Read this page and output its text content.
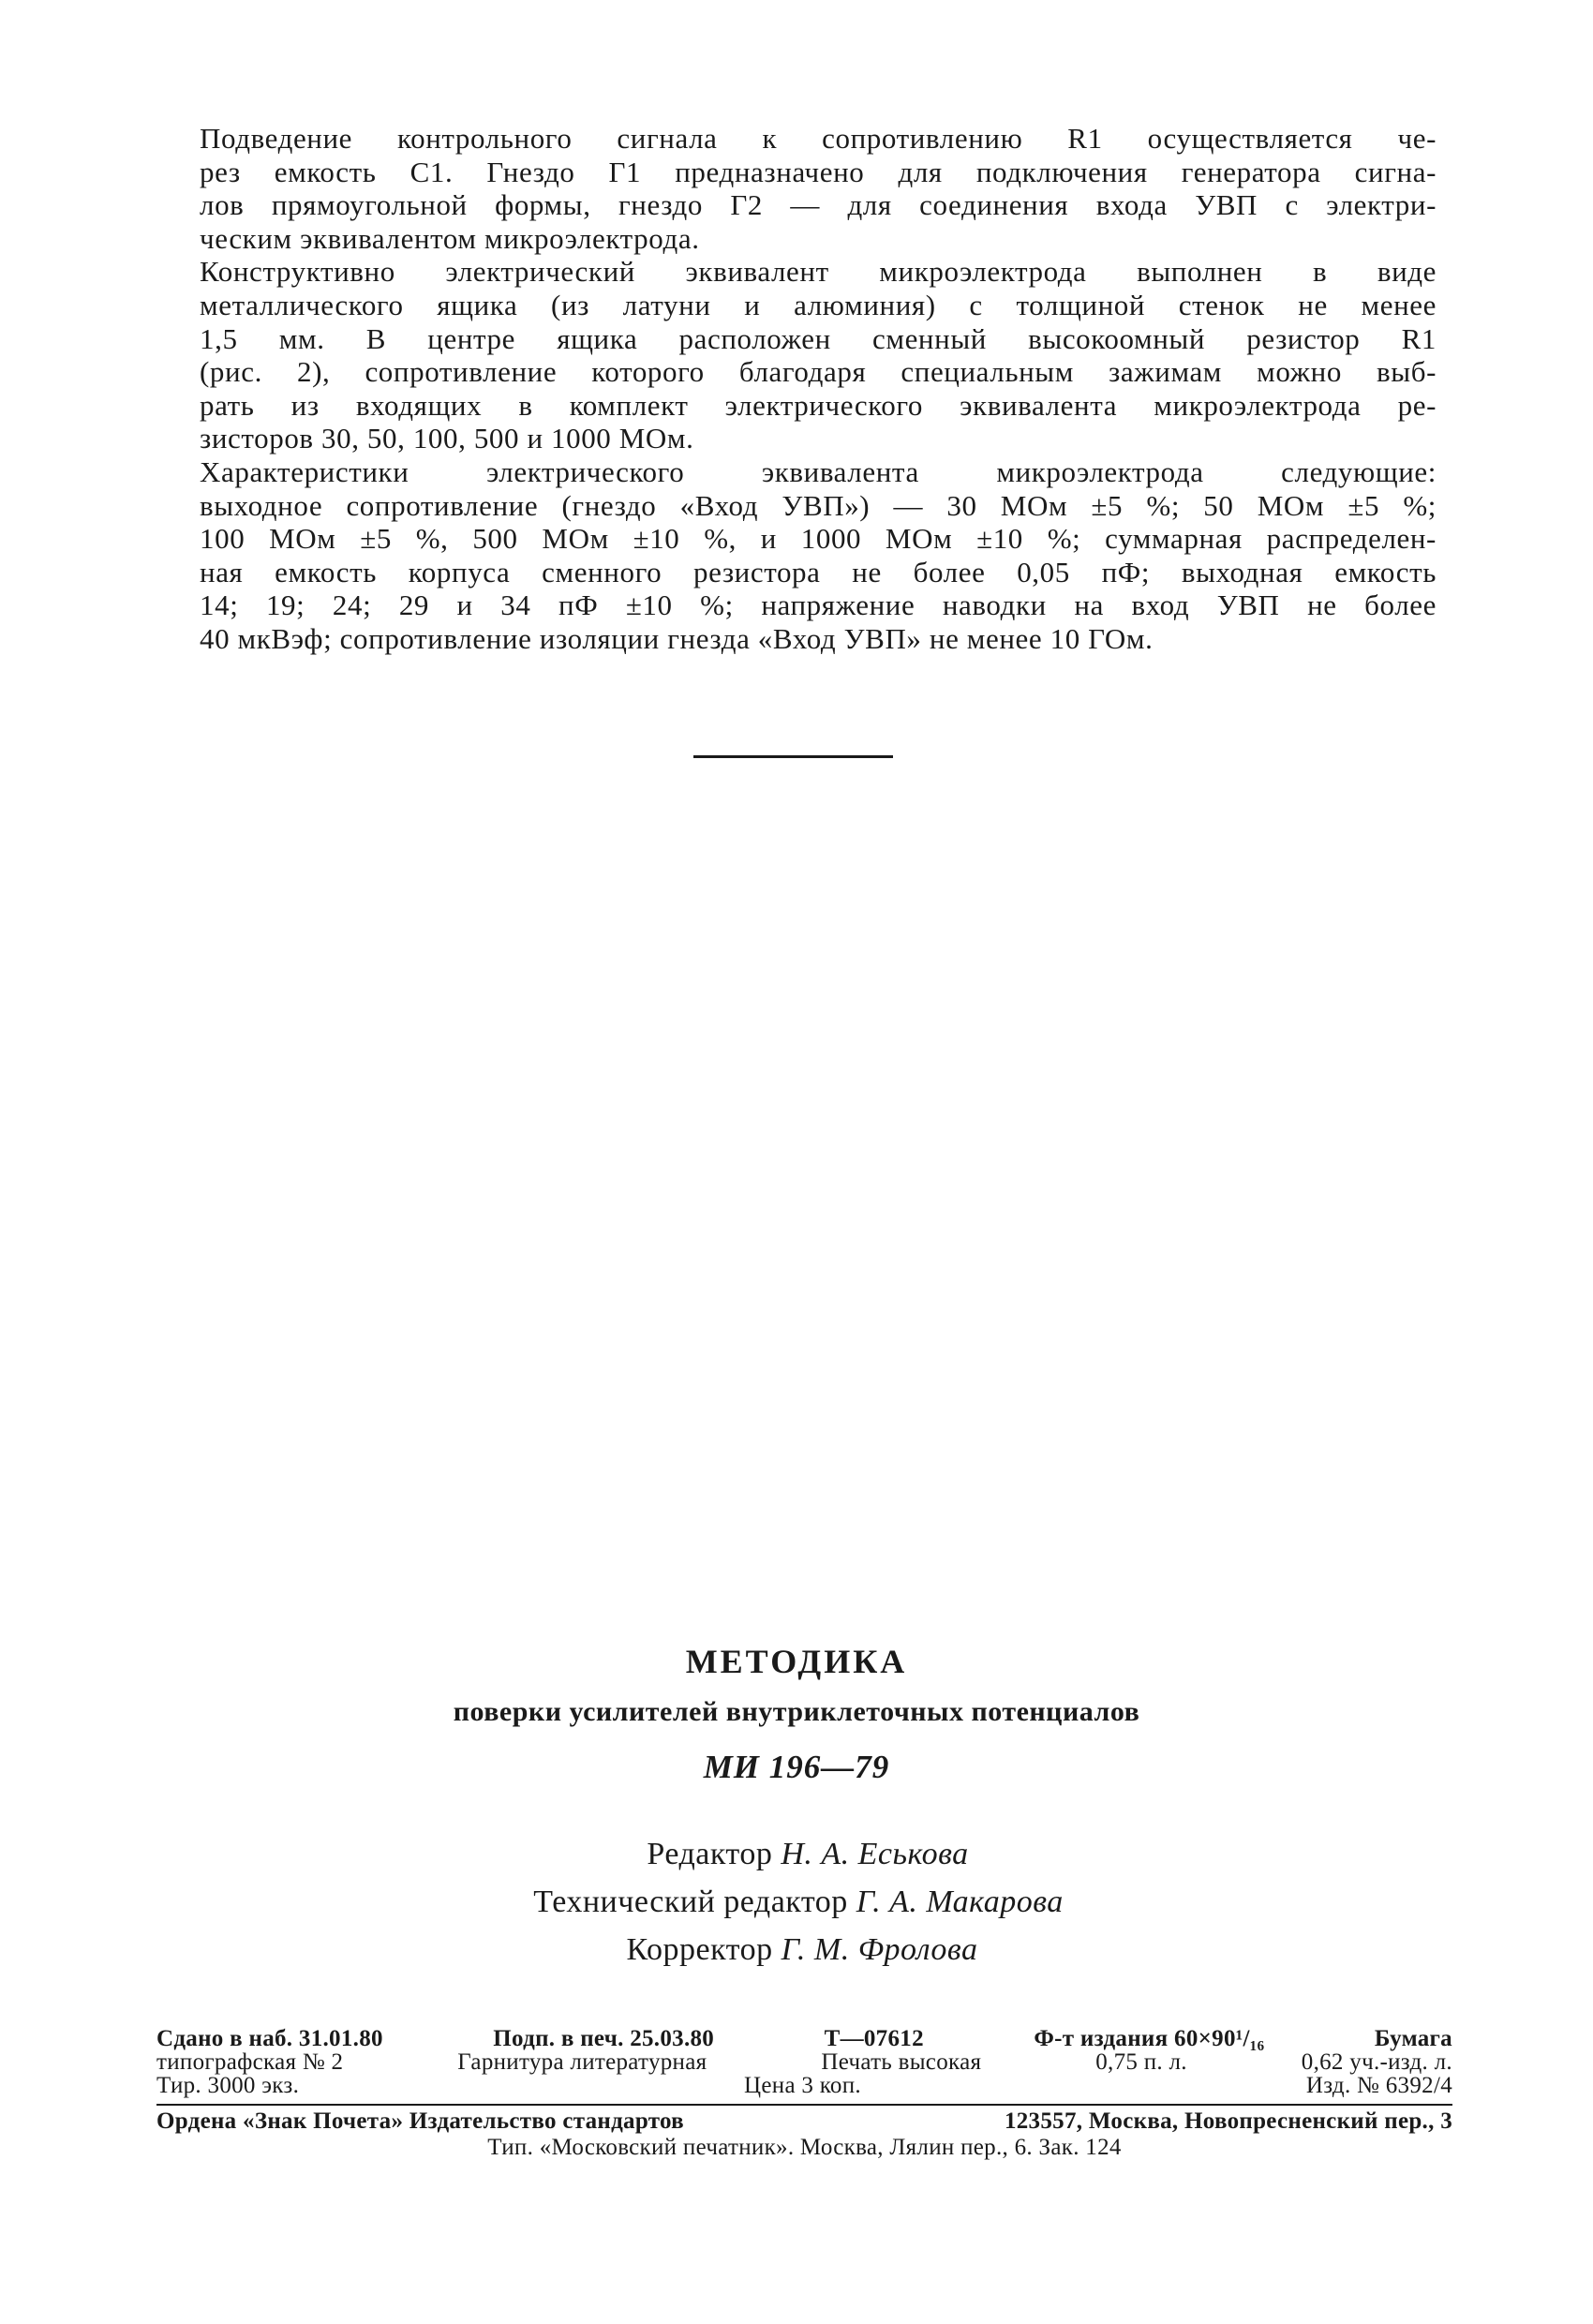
Подведение контрольного сигнала к сопротивлению R1 осуществляется че-
рез емкость C1. Гнездо Г1 предназначено для подключения генератора сигна-
лов прямоугольной формы, гнездо Г2 — для соединения входа УВП с электри-
ческим эквивалентом микроэлектрода.

Конструктивно электрический эквивалент микроэлектрода выполнен в виде
металлического ящика (из латуни и алюминия) с толщиной стенок не менее
1,5 мм. В центре ящика расположен сменный высокоомный резистор R1
(рис. 2), сопротивление которого благодаря специальным зажимам можно выб-
рать из входящих в комплект электрического эквивалента микроэлектрода ре-
зисторов 30, 50, 100, 500 и 1000 МОм.

Характеристики электрического эквивалента микроэлектрода следующие:
выходное сопротивление (гнездо «Вход УВП») — 30 МОм ±5 %; 50 МОм ±5 %;
100 МОм ±5 %, 500 МОм ±10 %, и 1000 МОм ±10 %; суммарная распределен-
ная емкость корпуса сменного резистора не более 0,05 пФ; выходная емкость
14; 19; 24; 29 и 34 пФ ±10 %; напряжение наводки на вход УВП не более
40 мкВэф; сопротивление изоляции гнезда «Вход УВП» не менее 10 ГОм.

МЕТОДИКА
поверки усилителей внутриклеточных потенциалов
МИ 196—79
Редактор Н. А. Еськова
Технический редактор Г. А. Макарова
Корректор Г. М. Фролова
Сдано в наб. 31.01.80	Подп. в печ. 25.03.80	Т—07612	Ф-т издания 60×90¹/₁₆	Бумага
типографская № 2	Гарнитура литературная	Печать высокая	0,75 п. л.	0,62 уч.-изд. л.
Тир. 3000 экз.	Цена 3 коп.	Изд. № 6392/4
Ордена «Знак Почета» Издательство стандартов	123557, Москва, Новопресненский пер., 3
Тип. «Московский печатник». Москва, Лялин пер., 6. Зак. 124
